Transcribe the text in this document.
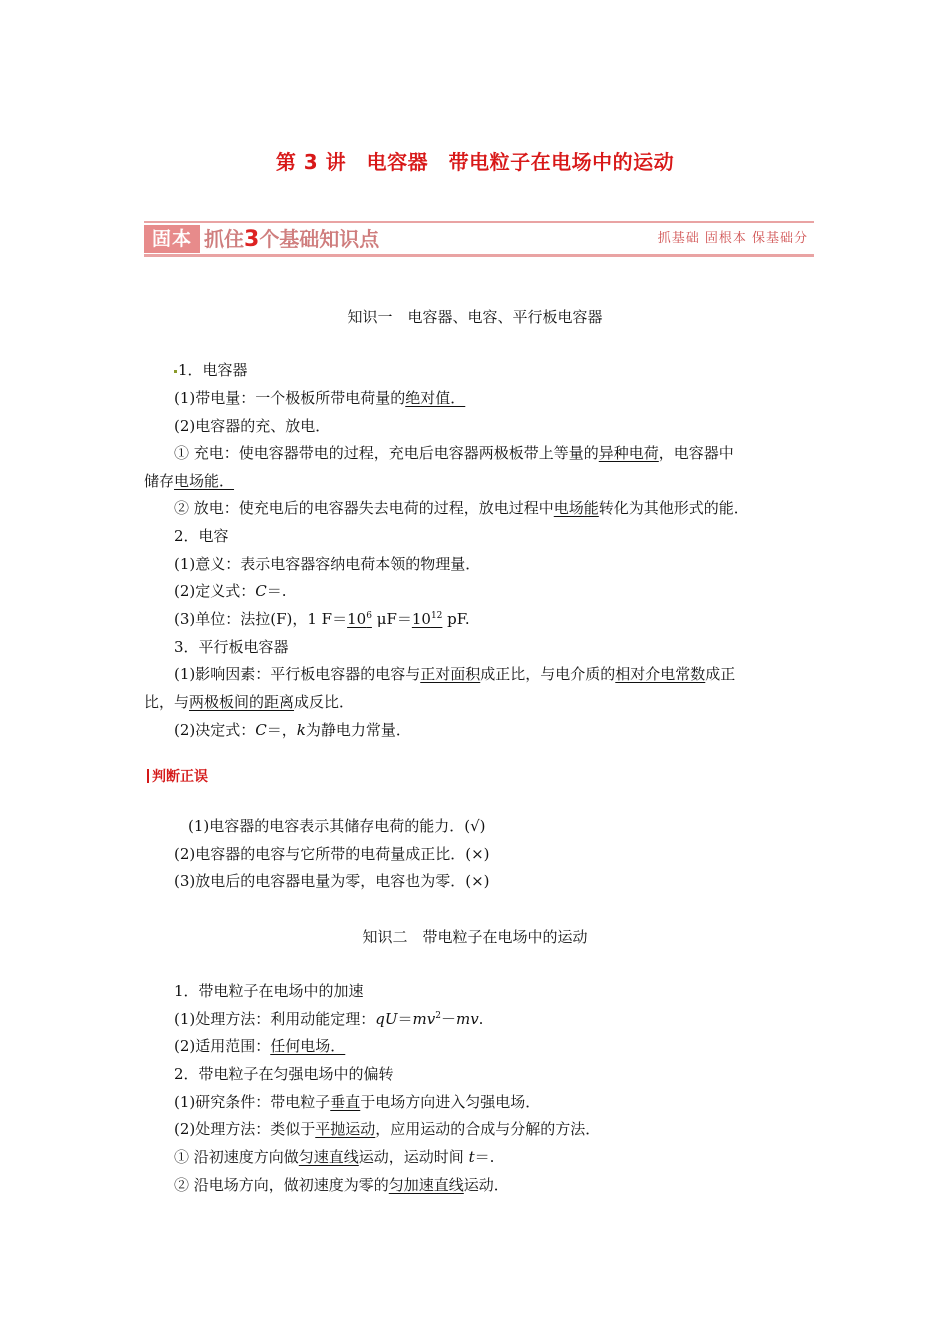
第 3 讲　电容器　带电粒子在电场中的运动
固本 抓住3个基础知识点	抓基础 固根本 保基础分
知识一　电容器、电容、平行板电容器
1．电容器
(1)带电量：一个极板所带电荷量的绝对值．
(2)电容器的充、放电．
① 充电：使电容器带电的过程，充电后电容器两极板带上等量的异种电荷，电容器中
储存电场能．
② 放电：使充电后的电容器失去电荷的过程，放电过程中电场能转化为其他形式的能．
2．电容
(1)意义：表示电容器容纳电荷本领的物理量．
(2)定义式：C＝.
(3)单位：法拉(F)，1 $F=10^6$ $\mu F=10^{12}$ pF.
3．平行板电容器
(1)影响因素：平行板电容器的电容与正对面积成正比，与电介质的相对介电常数成正
比，与两极板间的距离成反比．
(2)决定式：C＝，k为静电力常量．
判断正误
(1)电容器的电容表示其储存电荷的能力．(√)
(2)电容器的电容与它所带的电荷量成正比．(×)
(3)放电后的电容器电量为零，电容也为零．(×)
知识二　带电粒子在电场中的运动
1．带电粒子在电场中的加速
(1)处理方法：利用动能定理：$qU=mv^2-mv$.
(2)适用范围：任何电场．
2．带电粒子在匀强电场中的偏转
(1)研究条件：带电粒子垂直于电场方向进入匀强电场．
(2)处理方法：类似于平抛运动，应用运动的合成与分解的方法．
① 沿初速度方向做匀速直线运动，运动时间 t＝.
② 沿电场方向，做初速度为零的匀加速直线运动．
